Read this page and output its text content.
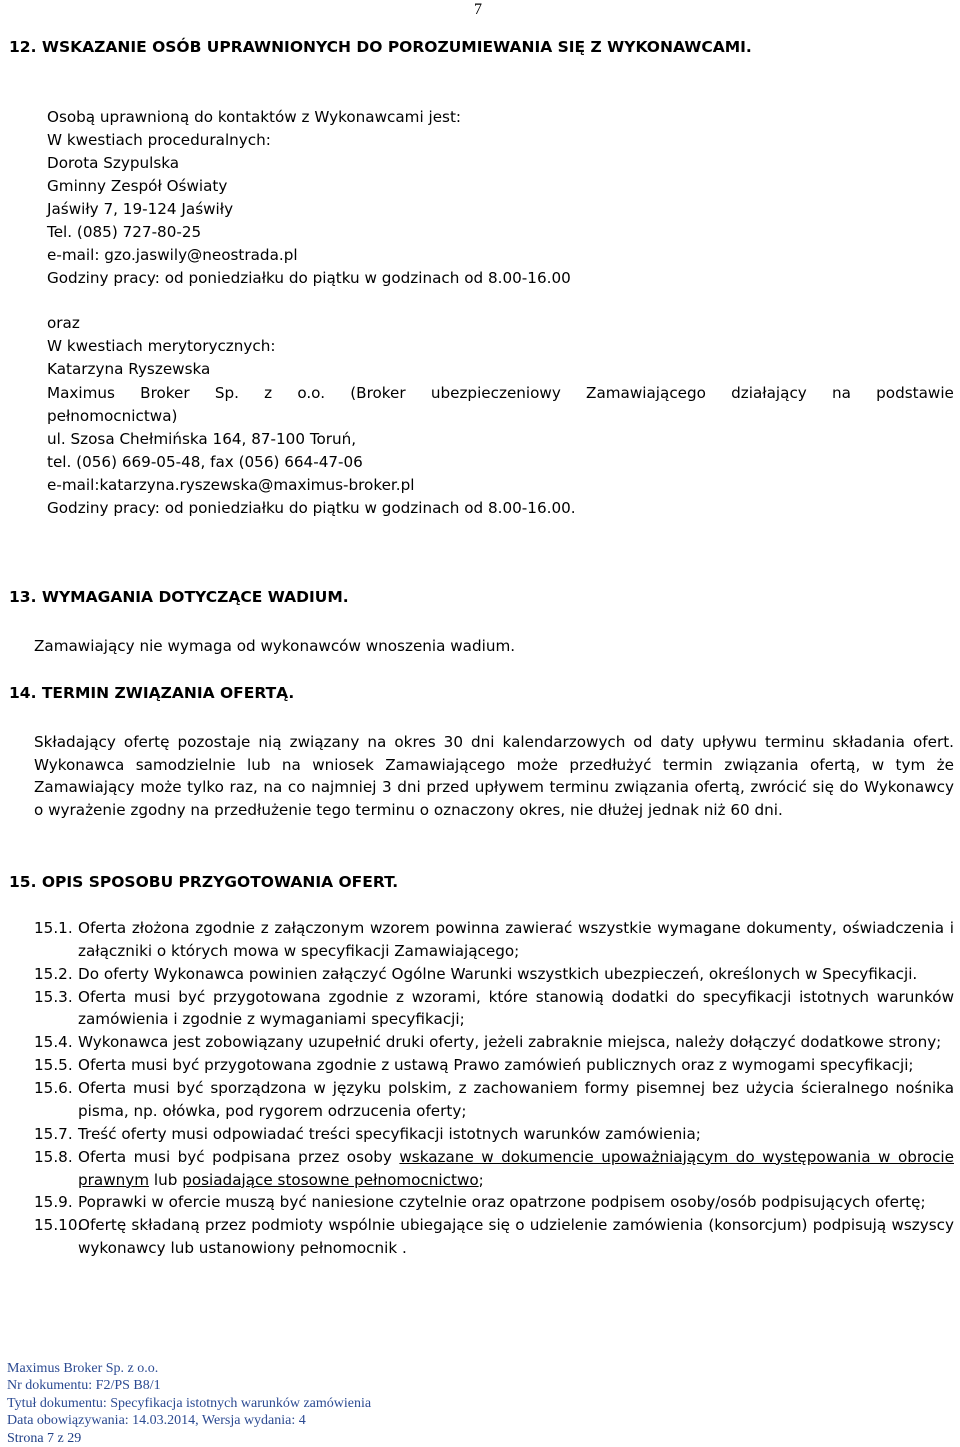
7
12. WSKAZANIE OSÓB UPRAWNIONYCH DO POROZUMIEWANIA SIĘ Z WYKONAWCAMI.
Osobą uprawnioną do kontaktów z Wykonawcami jest:
W kwestiach proceduralnych:
Dorota Szypulska
Gminny Zespół Oświaty
Jaświły 7, 19-124 Jaświły
Tel. (085) 727-80-25
e-mail: gzo.jaswily@neostrada.pl
Godziny pracy: od poniedziałku do piątku w godzinach od 8.00-16.00
oraz
W kwestiach merytorycznych:
Katarzyna Ryszewska
Maximus Broker Sp. z o.o. (Broker ubezpieczeniowy Zamawiającego działający na podstawie
pełnomocnictwa)
ul. Szosa Chełmińska 164, 87-100 Toruń,
tel. (056) 669-05-48, fax (056) 664-47-06
e-mail:katarzyna.ryszewska@maximus-broker.pl
Godziny pracy: od poniedziałku do piątku w godzinach od 8.00-16.00.
13. WYMAGANIA DOTYCZĄCE WADIUM.
Zamawiający nie wymaga od wykonawców wnoszenia wadium.
14. TERMIN ZWIĄZANIA OFERTĄ.
Składający ofertę pozostaje nią związany na okres 30 dni kalendarzowych od daty upływu terminu składania ofert. Wykonawca samodzielnie lub na wniosek Zamawiającego może przedłużyć termin związania ofertą, w tym że Zamawiający może tylko raz, na co najmniej 3 dni przed upływem terminu związania ofertą, zwrócić się do Wykonawcy o wyrażenie zgodny na przedłużenie tego terminu o oznaczony okres, nie dłużej jednak niż 60 dni.
15. OPIS SPOSOBU PRZYGOTOWANIA OFERT.
15.1. Oferta złożona zgodnie z załączonym wzorem powinna zawierać wszystkie wymagane dokumenty, oświadczenia i załączniki o których mowa w specyfikacji Zamawiającego;
15.2. Do oferty Wykonawca powinien załączyć Ogólne Warunki wszystkich ubezpieczeń, określonych w Specyfikacji.
15.3. Oferta musi być przygotowana zgodnie z wzorami, które stanowią dodatki do specyfikacji istotnych warunków zamówienia i zgodnie z wymaganiami specyfikacji;
15.4. Wykonawca jest zobowiązany uzupełnić druki oferty, jeżeli zabraknie miejsca, należy dołączyć dodatkowe strony;
15.5. Oferta musi być przygotowana zgodnie z ustawą Prawo zamówień publicznych oraz z wymogami specyfikacji;
15.6. Oferta musi być sporządzona w języku polskim, z zachowaniem formy pisemnej bez użycia ścieralnego nośnika pisma, np. ołówka, pod rygorem odrzucenia oferty;
15.7. Treść oferty musi odpowiadać treści specyfikacji istotnych warunków zamówienia;
15.8. Oferta musi być podpisana przez osoby wskazane w dokumencie upoważniającym do występowania w obrocie prawnym lub posiadające stosowne pełnomocnictwo;
15.9. Poprawki w ofercie muszą być naniesione czytelnie oraz opatrzone podpisem osoby/osób podpisujących ofertę;
15.10.
Ofertę składaną przez podmioty wspólnie ubiegające się o udzielenie zamówienia (konsorcjum) podpisują wszyscy wykonawcy lub ustanowiony pełnomocnik .
Maximus Broker Sp. z o.o.
Nr dokumentu: F2/PS B8/1
Tytuł dokumentu: Specyfikacja istotnych warunków zamówienia
Data obowiązywania: 14.03.2014, Wersja wydania: 4
Strona 7 z 29
